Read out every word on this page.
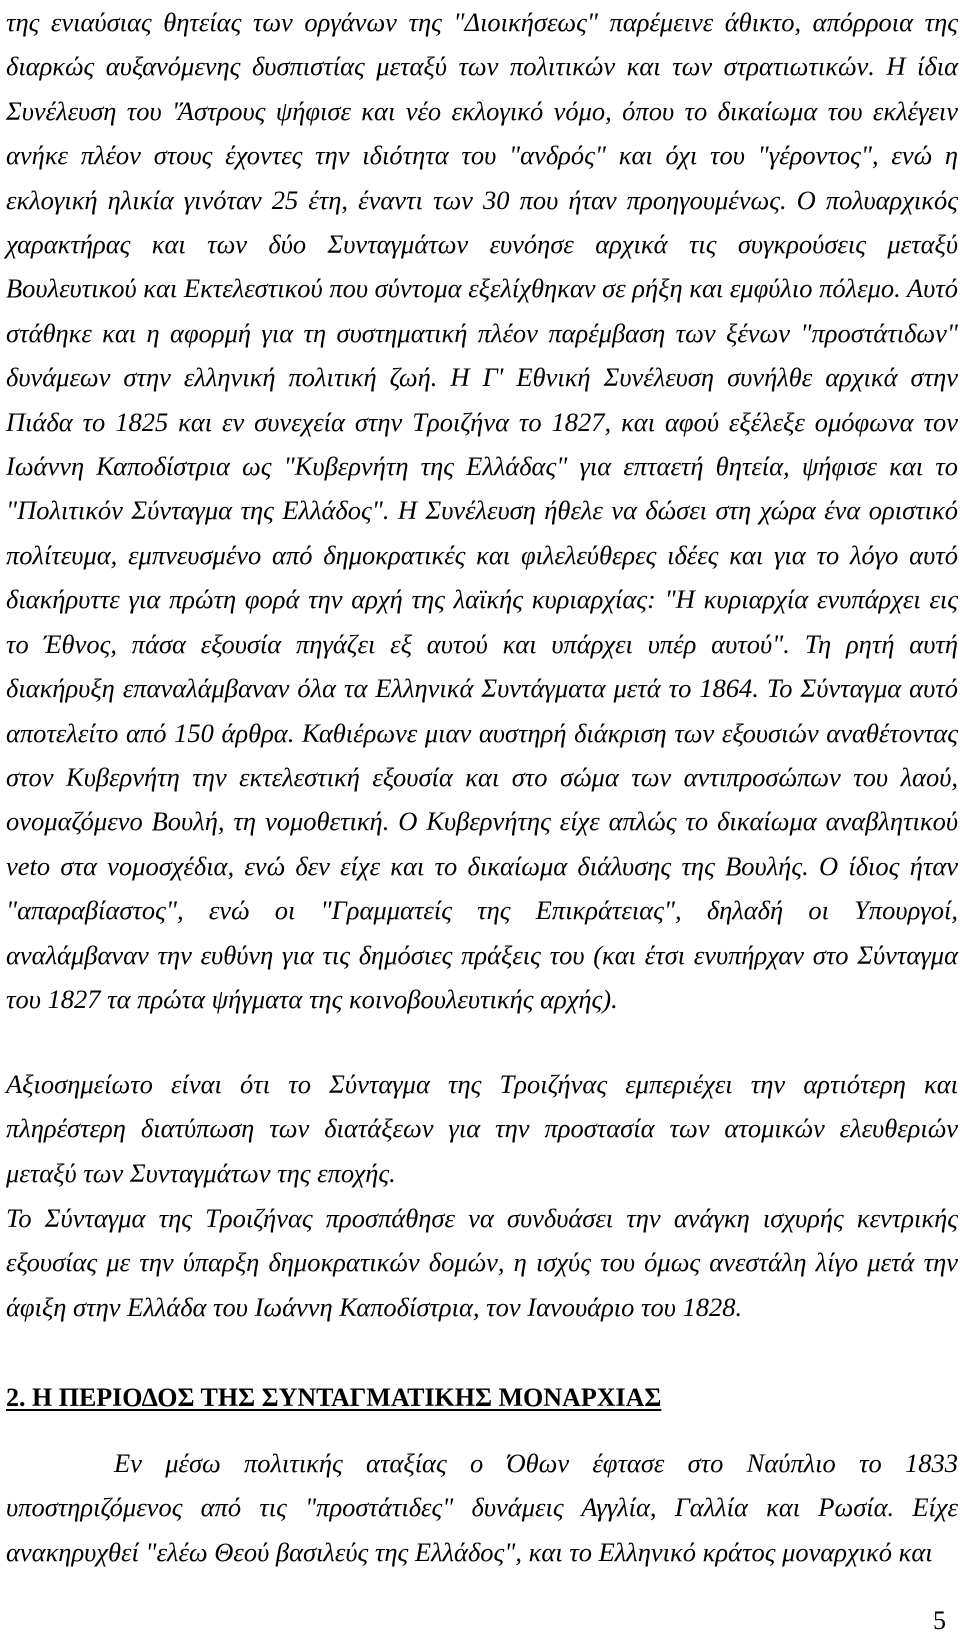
της ενιαύσιας θητείας των οργάνων της "Διοικήσεως" παρέμεινε άθικτο, απόρροια της διαρκώς αυξανόμενης δυσπιστίας μεταξύ των πολιτικών και των στρατιωτικών. Η ίδια Συνέλευση του 'Άστρους ψήφισε και νέο εκλογικό νόμο, όπου το δικαίωμα του εκλέγειν ανήκε πλέον στους έχοντες την ιδιότητα του "ανδρός" και όχι του "γέροντος", ενώ η εκλογική ηλικία γινόταν 25 έτη, έναντι των 30 που ήταν προηγουμένως. Ο πολυαρχικός χαρακτήρας και των δύο Συνταγμάτων ευνόησε αρχικά τις συγκρούσεις μεταξύ Βουλευτικού και Εκτελεστικού που σύντομα εξελίχθηκαν σε ρήξη και εμφύλιο πόλεμο. Αυτό στάθηκε και η αφορμή για τη συστηματική πλέον παρέμβαση των ξένων "προστάτιδων" δυνάμεων στην ελληνική πολιτική ζωή. Η Γ' Εθνική Συνέλευση συνήλθε αρχικά στην Πιάδα το 1825 και εν συνεχεία στην Τροιζήνα το 1827, και αφού εξέλεξε ομόφωνα τον Ιωάννη Καποδίστρια ως "Κυβερνήτη της Ελλάδας" για επταετή θητεία, ψήφισε και το "Πολιτικόν Σύνταγμα της Ελλάδος". Η Συνέλευση ήθελε να δώσει στη χώρα ένα οριστικό πολίτευμα, εμπνευσμένο από δημοκρατικές και φιλελεύθερες ιδέες και για το λόγο αυτό διακήρυττε για πρώτη φορά την αρχή της λαϊκής κυριαρχίας: "Η κυριαρχία ενυπάρχει εις το Έθνος, πάσα εξουσία πηγάζει εξ αυτού και υπάρχει υπέρ αυτού". Τη ρητή αυτή διακήρυξη επαναλάμβαναν όλα τα Ελληνικά Συντάγματα μετά το 1864. Το Σύνταγμα αυτό αποτελείτο από 150 άρθρα. Καθιέρωνε μιαν αυστηρή διάκριση των εξουσιών αναθέτοντας στον Κυβερνήτη την εκτελεστική εξουσία και στο σώμα των αντιπροσώπων του λαού, ονομαζόμενο Βουλή, τη νομοθετική. Ο Κυβερνήτης είχε απλώς το δικαίωμα αναβλητικού veto στα νομοσχέδια, ενώ δεν είχε και το δικαίωμα διάλυσης της Βουλής. Ο ίδιος ήταν "απαραβίαστος", ενώ οι "Γραμματείς της Επικράτειας", δηλαδή οι Υπουργοί, αναλάμβαναν την ευθύνη για τις δημόσιες πράξεις του (και έτσι ενυπήρχαν στο Σύνταγμα του 1827 τα πρώτα ψήγματα της κοινοβουλευτικής αρχής).

Αξιοσημείωτο είναι ότι το Σύνταγμα της Τροιζήνας εμπεριέχει την αρτιότερη και πληρέστερη διατύπωση των διατάξεων για την προστασία των ατομικών ελευθεριών μεταξύ των Συνταγμάτων της εποχής.

Το Σύνταγμα της Τροιζήνας προσπάθησε να συνδυάσει την ανάγκη ισχυρής κεντρικής εξουσίας με την ύπαρξη δημοκρατικών δομών, η ισχύς του όμως ανεστάλη λίγο μετά την άφιξη στην Ελλάδα του Ιωάννη Καποδίστρια, τον Ιανουάριο του 1828.

2. Η ΠΕΡΙΟΔΟΣ ΤΗΣ ΣΥΝΤΑΓΜΑΤΙΚΗΣ ΜΟΝΑΡΧΙΑΣ

Εν μέσω πολιτικής αταξίας ο Όθων έφτασε στο Ναύπλιο το 1833 υποστηριζόμενος από τις "προστάτιδες" δυνάμεις Αγγλία, Γαλλία και Ρωσία. Είχε ανακηρυχθεί "ελέω Θεού βασιλεύς της Ελλάδος", και το Ελληνικό κράτος μοναρχικό και

5
